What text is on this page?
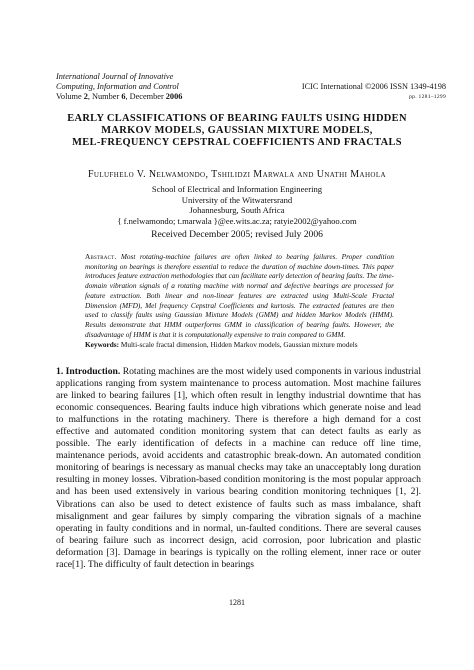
International Journal of Innovative
Computing, Information and Control
Volume 2, Number 6, December 2006
ICIC International ©2006 ISSN 1349-4198
pp. 1281–1299
EARLY CLASSIFICATIONS OF BEARING FAULTS USING HIDDEN
MARKOV MODELS, GAUSSIAN MIXTURE MODELS,
MEL-FREQUENCY CEPSTRAL COEFFICIENTS AND FRACTALS
Fulufhelo V. Nelwamondo, Tshilidzi Marwala and Unathi Mahola
School of Electrical and Information Engineering
University of the Witwatersrand
Johannesburg, South Africa
{ f.nelwamondo; t.marwala }@ee.wits.ac.za; ratyie2002@yahoo.com
Received December 2005; revised July 2006
Abstract. Most rotating-machine failures are often linked to bearing failures. Proper condition monitoring on bearings is therefore essential to reduce the duration of machine down-times. This paper introduces feature extraction methodologies that can facilitate early detection of bearing faults. The time-domain vibration signals of a rotating machine with normal and defective bearings are processed for feature extraction. Both linear and non-linear features are extracted using Multi-Scale Fractal Dimension (MFD), Mel frequency Cepstral Coefficients and kurtosis. The extracted features are then used to classify faults using Gaussian Mixture Models (GMM) and hidden Markov Models (HMM). Results demonstrate that HMM outperforms GMM in classification of bearing faults. However, the disadvantage of HMM is that it is computationally expensive to train compared to GMM.
Keywords: Multi-scale fractal dimension, Hidden Markov models, Gaussian mixture models
1. Introduction. Rotating machines are the most widely used components in various industrial applications ranging from system maintenance to process automation. Most machine failures are linked to bearing failures [1], which often result in lengthy industrial downtime that has economic consequences. Bearing faults induce high vibrations which generate noise and lead to malfunctions in the rotating machinery. There is therefore a high demand for a cost effective and automated condition monitoring system that can detect faults as early as possible. The early identification of defects in a machine can reduce off line time, maintenance periods, avoid accidents and catastrophic break-down. An automated condition monitoring of bearings is necessary as manual checks may take an unacceptably long duration resulting in money losses. Vibration-based condition monitoring is the most popular approach and has been used extensively in various bearing condition monitoring techniques [1, 2]. Vibrations can also be used to detect existence of faults such as mass imbalance, shaft misalignment and gear failures by simply comparing the vibration signals of a machine operating in faulty conditions and in normal, un-faulted conditions. There are several causes of bearing failure such as incorrect design, acid corrosion, poor lubrication and plastic deformation [3]. Damage in bearings is typically on the rolling element, inner race or outer race[1]. The difficulty of fault detection in bearings
1281
